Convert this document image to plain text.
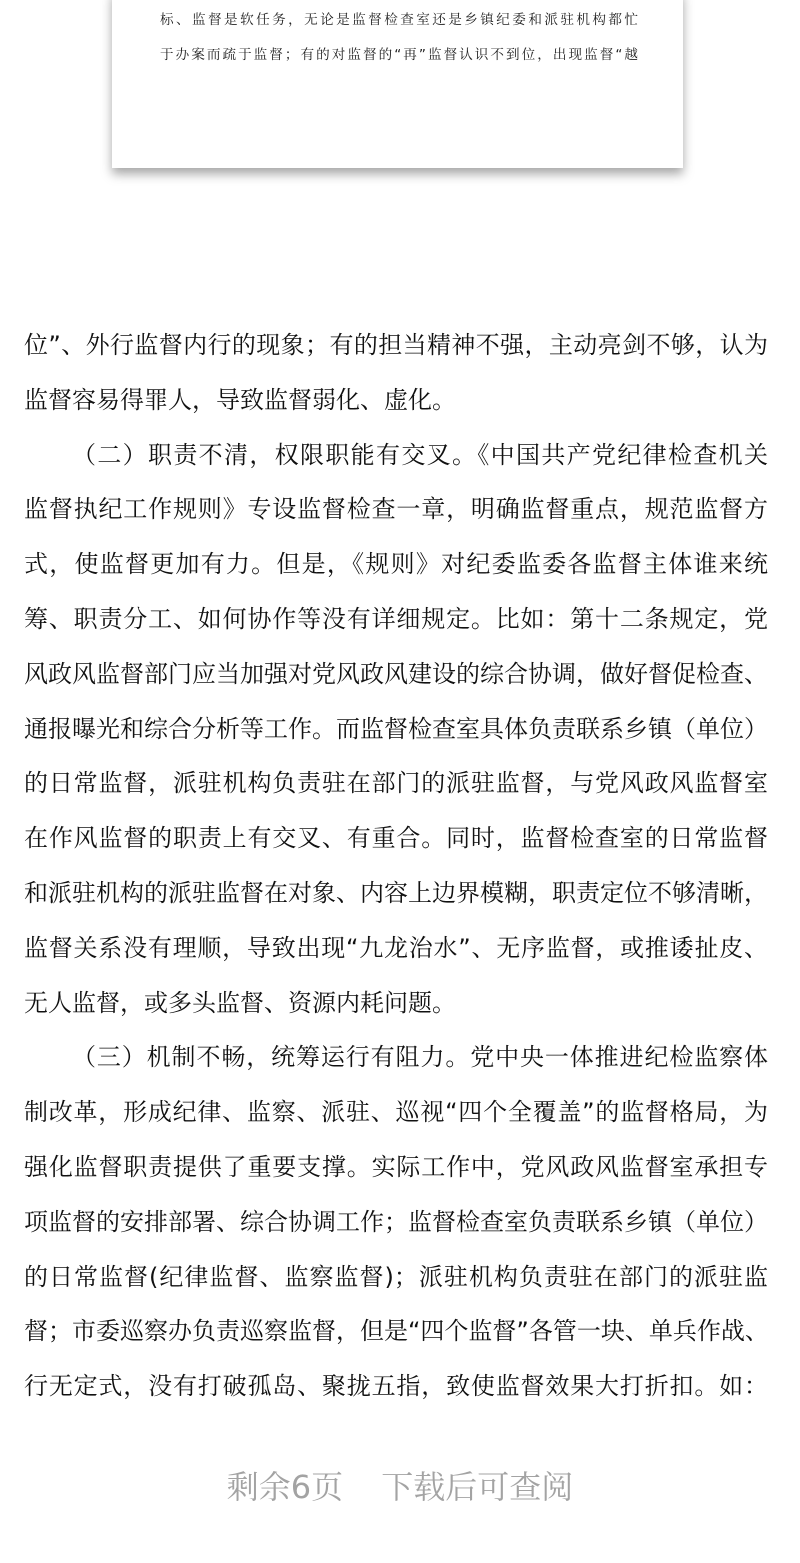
标、监督是软任务，无论是监督检查室还是乡镇纪委和派驻机构都忙
于办案而疏于监督；有的对监督的“再”监督认识不到位，出现监督“越
位”、外行监督内行的现象；有的担当精神不强，主动亮剑不够，认为
监督容易得罪人，导致监督弱化、虚化。
（二）职责不清，权限职能有交叉。《中国共产党纪律检查机关
监督执纪工作规则》专设监督检查一章，明确监督重点，规范监督方
式，使监督更加有力。但是，《规则》对纪委监委各监督主体谁来统
筹、职责分工、如何协作等没有详细规定。比如：第十二条规定，党
风政风监督部门应当加强对党风政风建设的综合协调，做好督促检查、
通报曝光和综合分析等工作。而监督检查室具体负责联系乡镇（单位）
的日常监督，派驻机构负责驻在部门的派驻监督，与党风政风监督室
在作风监督的职责上有交叉、有重合。同时，监督检查室的日常监督
和派驻机构的派驻监督在对象、内容上边界模糊，职责定位不够清晰，
监督关系没有理顺，导致出现“九龙治水”、无序监督，或推诿扯皮、
无人监督，或多头监督、资源内耗问题。
（三）机制不畅，统筹运行有阻力。党中央一体推进纪检监察体
制改革，形成纪律、监察、派驻、巡视“四个全覆盖”的监督格局，为
强化监督职责提供了重要支撑。实际工作中，党风政风监督室承担专
项监督的安排部署、综合协调工作；监督检查室负责联系乡镇（单位）
的日常监督(纪律监督、监察监督)；派驻机构负责驻在部门的派驻监
督；市委巡察办负责巡察监督，但是“四个监督”各管一块、单兵作战、
行无定式，没有打破孤岛、聚拢五指，致使监督效果大打折扣。如：
剩余6页 下载后可查阅
